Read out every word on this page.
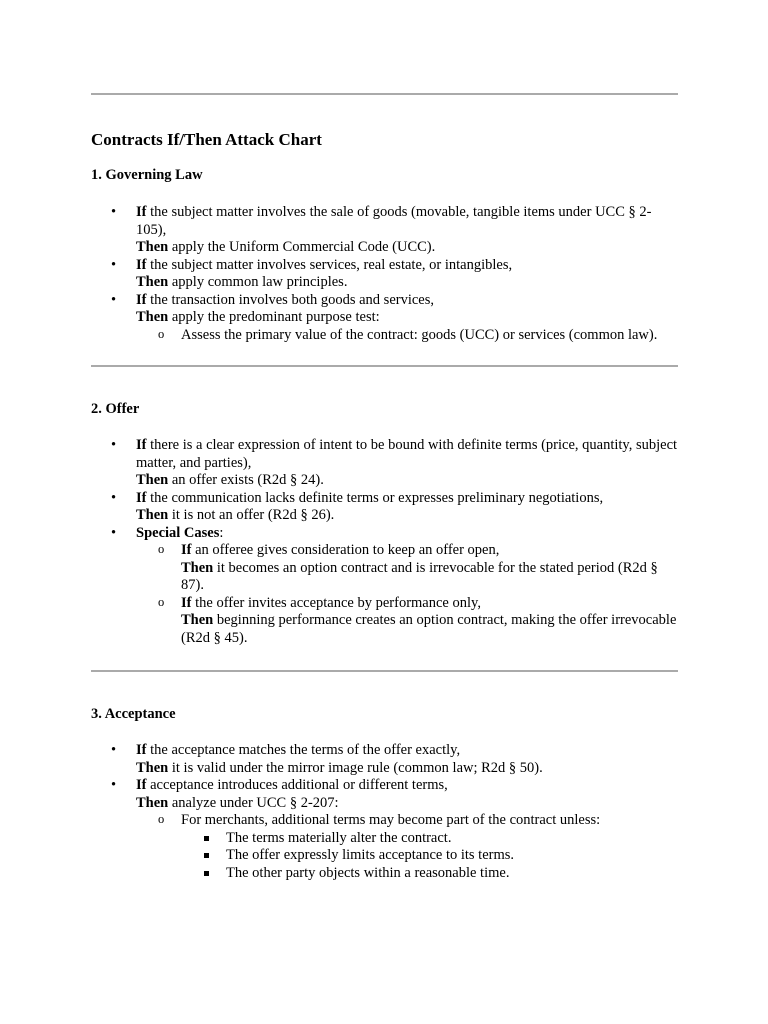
Contracts If/Then Attack Chart
1. Governing Law
• If the subject matter involves the sale of goods (movable, tangible items under UCC § 2-105),
Then apply the Uniform Commercial Code (UCC).
• If the subject matter involves services, real estate, or intangibles,
Then apply common law principles.
• If the transaction involves both goods and services,
Then apply the predominant purpose test:
o Assess the primary value of the contract: goods (UCC) or services (common law).
2. Offer
• If there is a clear expression of intent to be bound with definite terms (price, quantity, subject matter, and parties),
Then an offer exists (R2d § 24).
• If the communication lacks definite terms or expresses preliminary negotiations,
Then it is not an offer (R2d § 26).
• Special Cases:
o If an offeree gives consideration to keep an offer open,
Then it becomes an option contract and is irrevocable for the stated period (R2d § 87).
o If the offer invites acceptance by performance only,
Then beginning performance creates an option contract, making the offer irrevocable (R2d § 45).
3. Acceptance
• If the acceptance matches the terms of the offer exactly,
Then it is valid under the mirror image rule (common law; R2d § 50).
• If acceptance introduces additional or different terms,
Then analyze under UCC § 2-207:
o For merchants, additional terms may become part of the contract unless:
The terms materially alter the contract.
The offer expressly limits acceptance to its terms.
The other party objects within a reasonable time.
